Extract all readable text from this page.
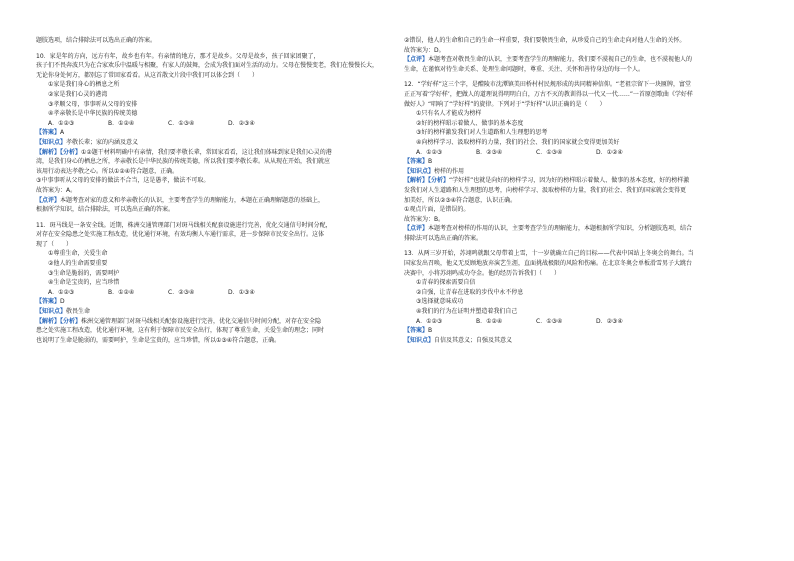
题肢选项，结合排除法可以选出正确的答案。
10．家是年的方向，远方有年，故乡也有年。有亲情的地方，那才是故乡。父母是故乡，孩子回家团聚了，
孩子们不畏奔波只为在合家欢乐中温暖与相聚，有家人的鼓舞，会成为我们面对生活的动力。父母在慢慢变老，我们在慢慢长大，
无论你身处何方，都别忘了常回家看看。从这首散文片段中我们可以体会到（　　）
①家是我们身心的栖息之所
②家是我们心灵的港湾
③孝顺父母，事事听从父母的安排
④孝亲敬长是中华民族的传统美德
A．①②③	B．①②④	C．①③④	D．②③④
【答案】A
【知识点】孝敬长辈；家的内涵及意义
【解析】【分析】①②题干材料明确中有亲情，我们要孝敬长辈，常回家看看，这让我们体味到家是我们心灵的港
湾，是我们身心的栖息之所，孝亲敬长是中华民族的传统美德，所以我们要孝敬长辈。从从现在开始，我们就应
该用行动表达孝敬之心。所以①②④符合题意，正确。
③中事事听从父母的安排的做法不合当，这是愚孝，做法不可取。
故答案为：A。
【点评】本题考查对家的意义和孝亲敬长的认识，主要考查学生的理解能力，本题在正确理解题意的基础上，
根据所学知识，结合排除法，可以选出正确的答案。
11．斑马线是一条安全线。近期，株洲交通管理部门对斑马线相关配套设施进行完善，优化交通信号时间分配，
对存在安全隐患之处实施工程改造，优化通行环境，有效均衡人车通行需求，进一步保障市民安全出行。这体
现了（　　）
①尊重生命，关爱生命
②他人的生命需要重要
③生命是脆弱的，需要呵护
④生命是宝贵的，应当珍惜
A．①②③	B．①②④	C．②③④	D．①③④
【答案】D
【知识点】敬畏生命
【解析】【分析】株洲交通管理部门对斑马线相关配套设施进行完善，优化交通信号时间分配，对存在安全隐
患之处实施工程改造，优化通行环境，这有利于保障市民安全出行，体现了尊重生命，关爱生命的理念；同时
也说明了生命是脆弱的，需要呵护，生命是宝贵的，应当珍惜，所以①③④符合题意，正确。
②错误，他人的生命和自己的生命一样重要，我们要敬畏生命，从珍爱自己的生命走向对他人生命的关怀。
故答案为：D。
【点评】本题考查对敬畏生命的认识，主要考查学生的理解能力，我们要不漠视自己的生命，也不漠视他人的
生命，在谨慎对待生命关系、处理生命问题时，尊重、关注、关怀和善待身边的每一个人。
12．“学好样”这三个字，是醴陵市沈潭镇美田桥村村民规形成的共同精神信仰。“老祖宗留下一块匾牌，富堂
正正写着‘学好样’，把做人的道理说得明明白白，万古不灭的教训得以一代又一代……”一首原创歌曲《学好样
做好人》“唱响了“学好样”的旋律。下列对于“学好样”认识正确的是（　　）
①只有名人才能成为榜样
②好的榜样昭示着做人、做事的基本态度
③好的榜样激发我们对人生道路和人生理想的思考
④向榜样学习、汲取榜样的力量，我们的社会、我们的国家就会变得更加美好
A．①②③	B．②③④	C．①③④	D．①②④
【答案】B
【知识点】榜样的作用
【解析】【分析】“学好样”也就是向好的榜样学习，因为好的榜样昭示着做人、做事的基本态度，好的榜样激
发我们对人生道路和人生理想的思考，向榜样学习、汲取榜样的力量，我们的社会、我们的国家就会变得更
加美好，所以②③④符合题意，认识正确。
①观点片面，是错误的。
故答案为：B。
【点评】本题考查对榜样的作用的认识，主要考查学生的理解能力，本题根据所学知识，分析题肢选项，结合
排除法可以选出正确的答案。
13．从两三岁开始，苏翊鸣就跟父母带着上雪，十一岁就确立自己的目标——代表中国站上冬奥会的舞台。当
国家发出召唤，他义无反顾地放弃演艺生涯，直面挑战极限的风险和伤痛。在北京冬奥会单板滑雪男子大跳台
决赛中，小将苏翊鸣成功夺金。他的经历告诉我们（　　）
①青春的探索需要自信
②自强，让青春在进取的步伐中永不停息
③选择就意味成功
④我们的行为在证明并塑造着我们自己
A．①②③	B．①②④	C．①③④	D．②③④
【答案】B
【知识点】自信及其意义；自强及其意义
